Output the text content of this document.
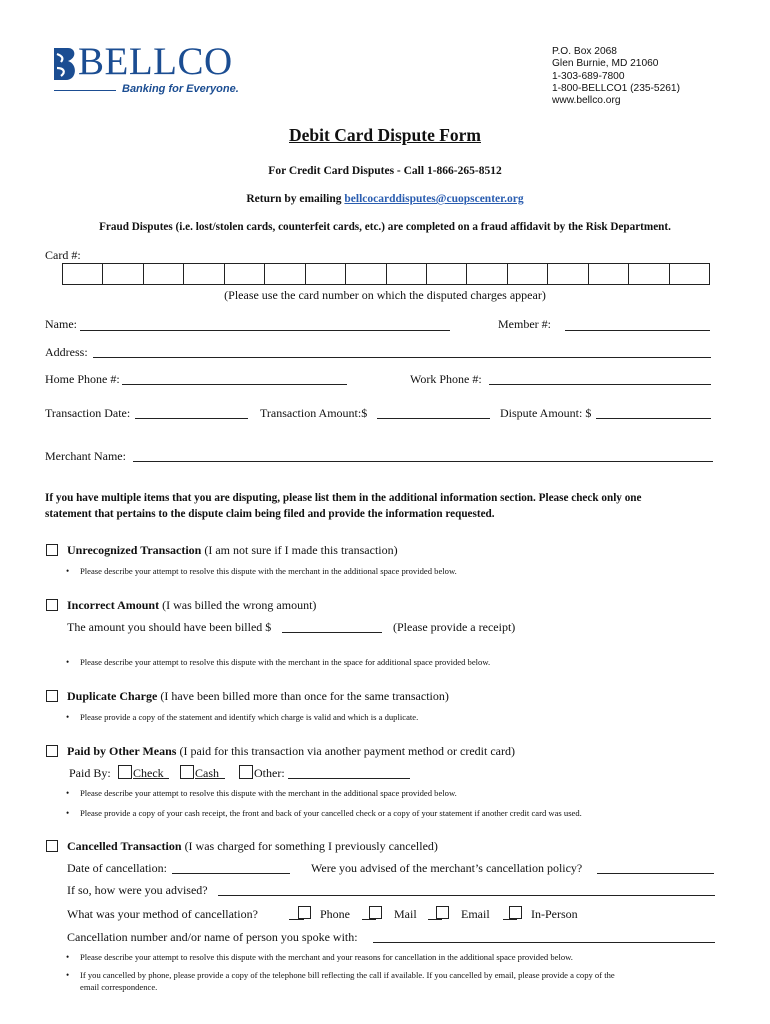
BELLCO
Banking for Everyone.
P.O. Box 2068
Glen Burnie, MD 21060
1-303-689-7800
1-800-BELLCO1 (235-5261)
www.bellco.org
Debit Card Dispute Form
For Credit Card Disputes - Call 1-866-265-8512
Return by emailing bellcocarddisputes@cuopscenter.org
Fraud Disputes (i.e. lost/stolen cards, counterfeit cards, etc.) are completed on a fraud affidavit by the Risk Department.
Card #:
(Please use the card number on which the disputed charges appear)
Name:	Member #:
Address:
Home Phone #:	Work Phone #:
Transaction Date:	Transaction Amount:$	Dispute Amount: $
Merchant Name:
If you have multiple items that you are disputing, please list them in the additional information section. Please check only one
statement that pertains to the dispute claim being filed and provide the information requested.
Unrecognized Transaction (I am not sure if I made this transaction)
• Please describe your attempt to resolve this dispute with the merchant in the additional space provided below.
Incorrect Amount (I was billed the wrong amount)
The amount you should have been billed $	(Please provide a receipt)
• Please describe your attempt to resolve this dispute with the merchant in the space for additional space provided below.
Duplicate Charge (I have been billed more than once for the same transaction)
• Please provide a copy of the statement and identify which charge is valid and which is a duplicate.
Paid by Other Means (I paid for this transaction via another payment method or credit card)
Paid By: Check	Cash	Other:
• Please describe your attempt to resolve this dispute with the merchant in the additional space provided below.
• Please provide a copy of your cash receipt, the front and back of your cancelled check or a copy of your statement if another credit card was used.
Cancelled Transaction (I was charged for something I previously cancelled)
Date of cancellation:	Were you advised of the merchant’s cancellation policy?
If so, how were you advised?
What was your method of cancellation?	Phone	Mail	Email	In-Person
Cancellation number and/or name of person you spoke with:
• Please describe your attempt to resolve this dispute with the merchant and your reasons for cancellation in the additional space provided below.
• If you cancelled by phone, please provide a copy of the telephone bill reflecting the call if available. If you cancelled by email, please provide a copy of the
email correspondence.
